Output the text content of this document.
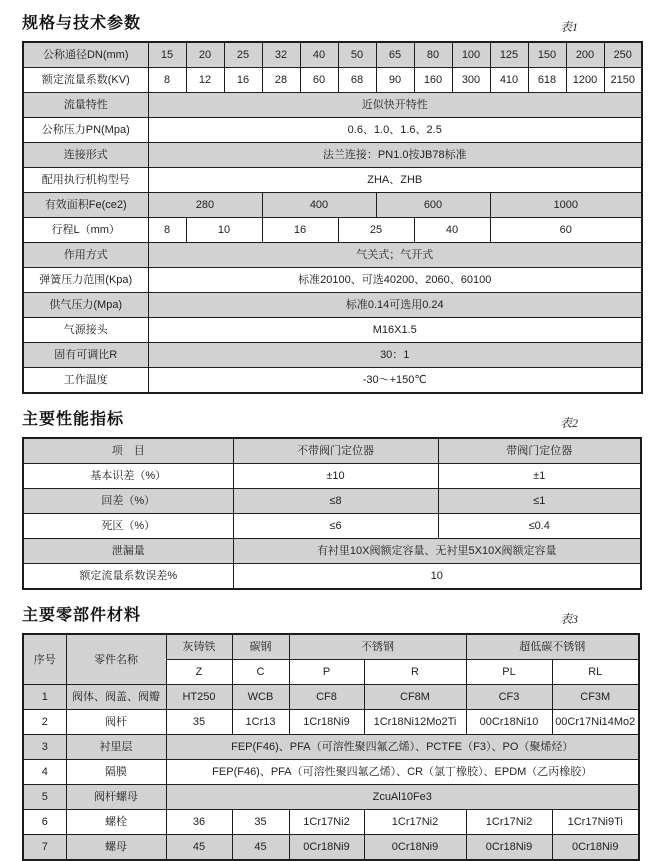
规格与技术参数	表1
公称通径DN(mm)	15	20	25	32	40	50	65	80	100	125	150	200	250
额定流量系数(KV)	8	12	16	28	60	68	90	160	300	410	618	1200	2150
流量特性	近似快开特性												
公称压力PN(Mpa)	0.6、1.0、1.6、2.5												
连接形式	法兰连接：PN1.0按JB78标准												
配用执行机构型号	ZHA、ZHB												
有效面积Fe(ce2)	280			400			600			1000			
行程L（mm）	8	10		16		25		40		60			
作用方式	气关式；气开式												
弹簧压力范围(Kpa)	标准20100、可选40200、2060、60100												
供气压力(Mpa)	标准0.14可选用0.24												
气源接头	M16X1.5												
固有可调比R	30：1												
工作温度	-30～+150℃												
主要性能指标	表2
项　目	不带阀门定位器	带阀门定位器
基本识差（%）	±10	±1
回差（%）	≤8	≤1
死区（%）	≤6	≤0.4
泄漏量	有衬里10X阀额定容量、无衬里5X10X阀额定容量	
额定流量系数误差%	10	
主要零部件材料	表3
序号	零件名称	灰铸铁	碳钢	不锈钢		超低碳不锈钢	
		Z	C	P	R	PL	RL
1	阀体、阀盖、阀瓣	HT250	WCB	CF8	CF8M	CF3	CF3M
2	阀杆	35	1Cr13	1Cr18Ni9	1Cr18Ni12Mo2Ti	00Cr18Ni10	00Cr17Ni14Mo2
3	衬里层	FEP(F46)、PFA（可溶性聚四氟乙烯）、PCTFE（F3）、PO（聚烯烃）					
4	隔膜	FEP(F46)、PFA（可溶性聚四氟乙烯）、CR（氯丁橡胶）、EPDM（乙丙橡胶）					
5	阀杆螺母	ZcuAl10Fe3					
6	螺栓	36	35	1Cr17Ni2	1Cr17Ni2	1Cr17Ni2	1Cr17Ni9Ti
7	螺母	45	45	0Cr18Ni9	0Cr18Ni9	0Cr18Ni9	0Cr18Ni9
